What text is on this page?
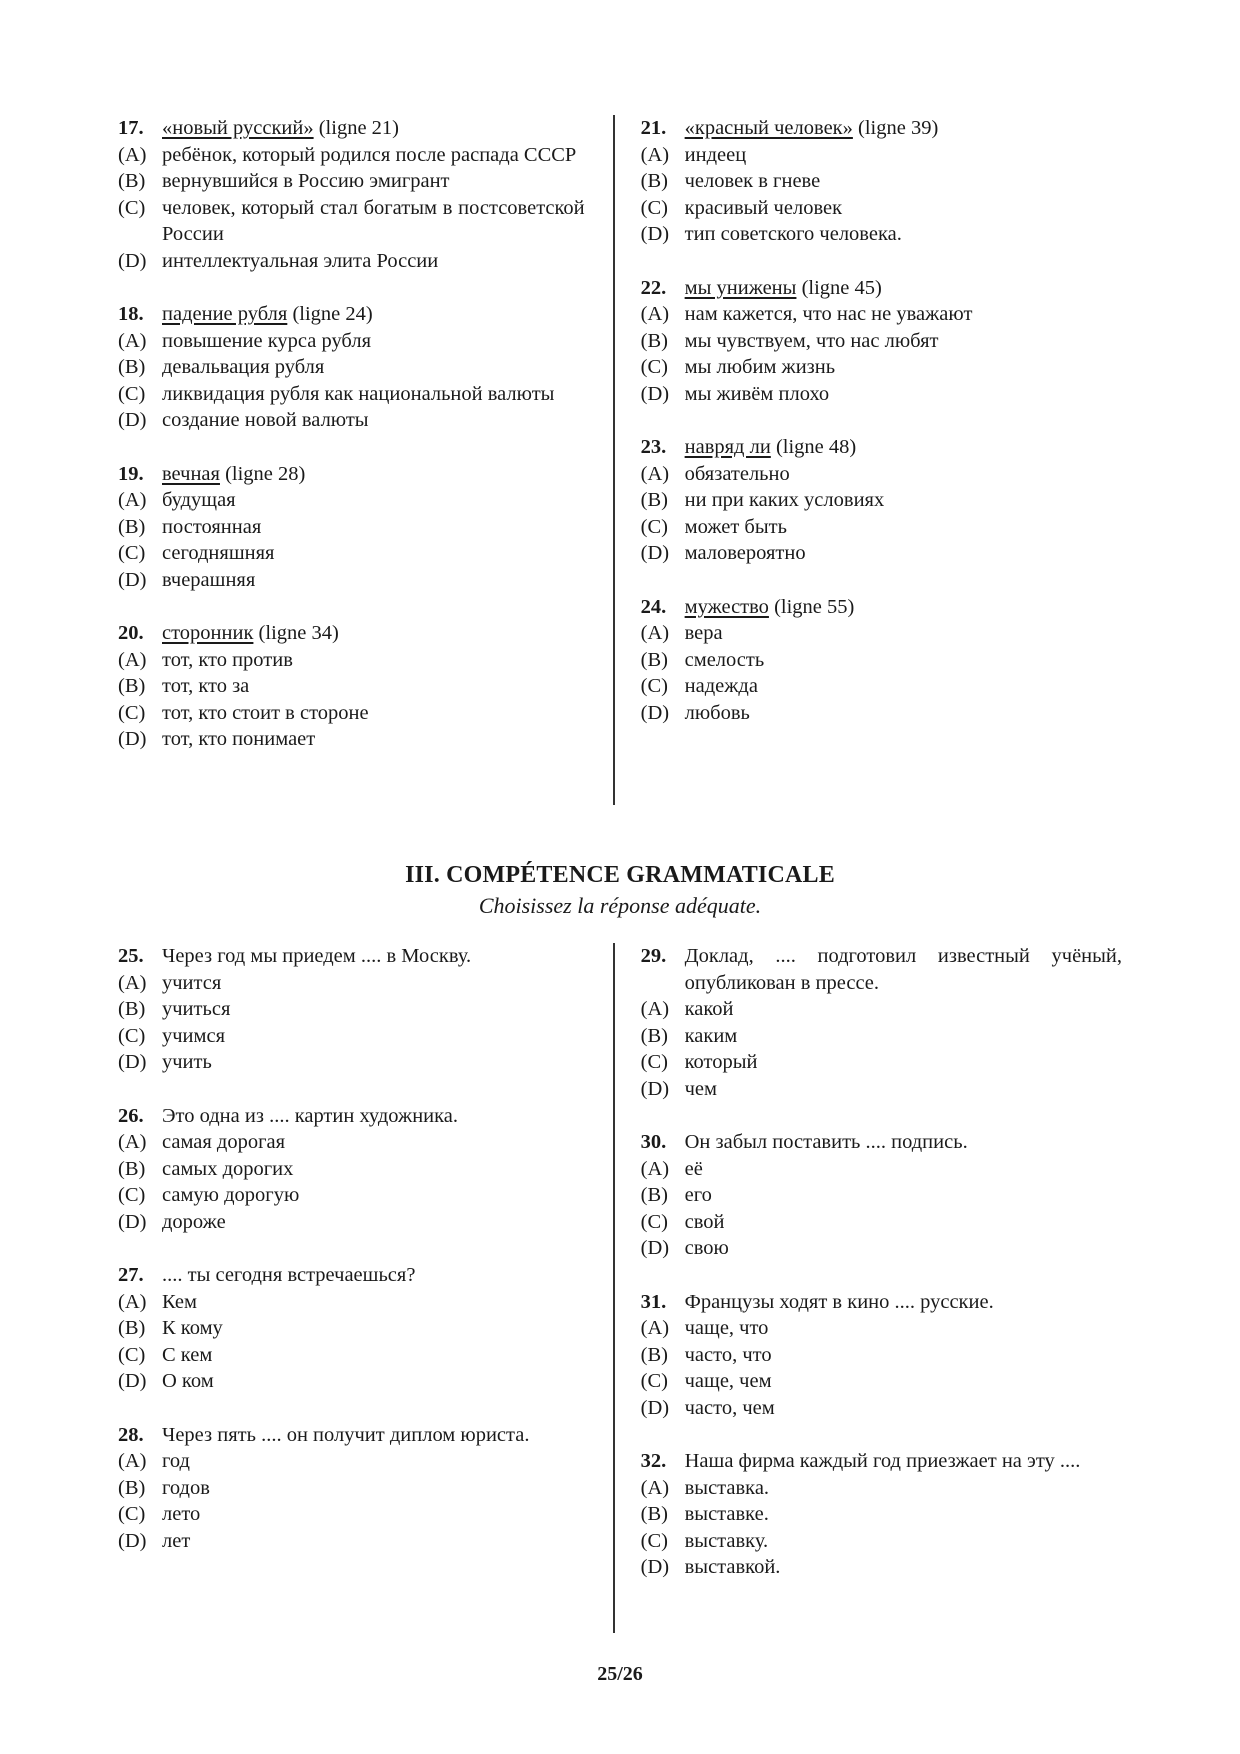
17. «новый русский» (ligne 21)
(A) ребёнок, который родился после распада СССР
(B) вернувшийся в Россию эмигрант
(C) человек, который стал богатым в постсоветской России
(D) интеллектуальная элита России
18. падение рубля (ligne 24)
(A) повышение курса рубля
(B) девальвация рубля
(C) ликвидация рубля как национальной валюты
(D) создание новой валюты
19. вечная (ligne 28)
(A) будущая
(B) постоянная
(C) сегодняшняя
(D) вчерашняя
20. сторонник (ligne 34)
(A) тот, кто против
(B) тот, кто за
(C) тот, кто стоит в стороне
(D) тот, кто понимает
21. «красный человек» (ligne 39)
(A) индеец
(B) человек в гневе
(C) красивый человек
(D) тип советского человека.
22. мы унижены (ligne 45)
(A) нам кажется, что нас не уважают
(B) мы чувствуем, что нас любят
(C) мы любим жизнь
(D) мы живём плохо
23. навряд ли (ligne 48)
(A) обязательно
(B) ни при каких условиях
(C) может быть
(D) маловероятно
24. мужество (ligne 55)
(A) вера
(B) смелость
(C) надежда
(D) любовь
III. COMPÉTENCE GRAMMATICALE
Choisissez la réponse adéquate.
25. Через год мы приедем .... в Москву.
(A) учится
(B) учиться
(C) учимся
(D) учить
26. Это одна из .... картин художника.
(A) самая дорогая
(B) самых дорогих
(C) самую дорогую
(D) дороже
27. .... ты сегодня встречаешься?
(A) Кем
(B) К кому
(C) С кем
(D) О ком
28. Через пять .... он получит диплом юриста.
(A) год
(B) годов
(C) лето
(D) лет
29. Доклад, .... подготовил известный учёный, опубликован в прессе.
(A) какой
(B) каким
(C) который
(D) чем
30. Он забыл поставить .... подпись.
(A) её
(B) его
(C) свой
(D) свою
31. Французы ходят в кино .... русские.
(A) чаще, что
(B) часто, что
(C) чаще, чем
(D) часто, чем
32. Наша фирма каждый год приезжает на эту ....
(A) выставка.
(B) выставке.
(C) выставку.
(D) выставкой.
25/26
